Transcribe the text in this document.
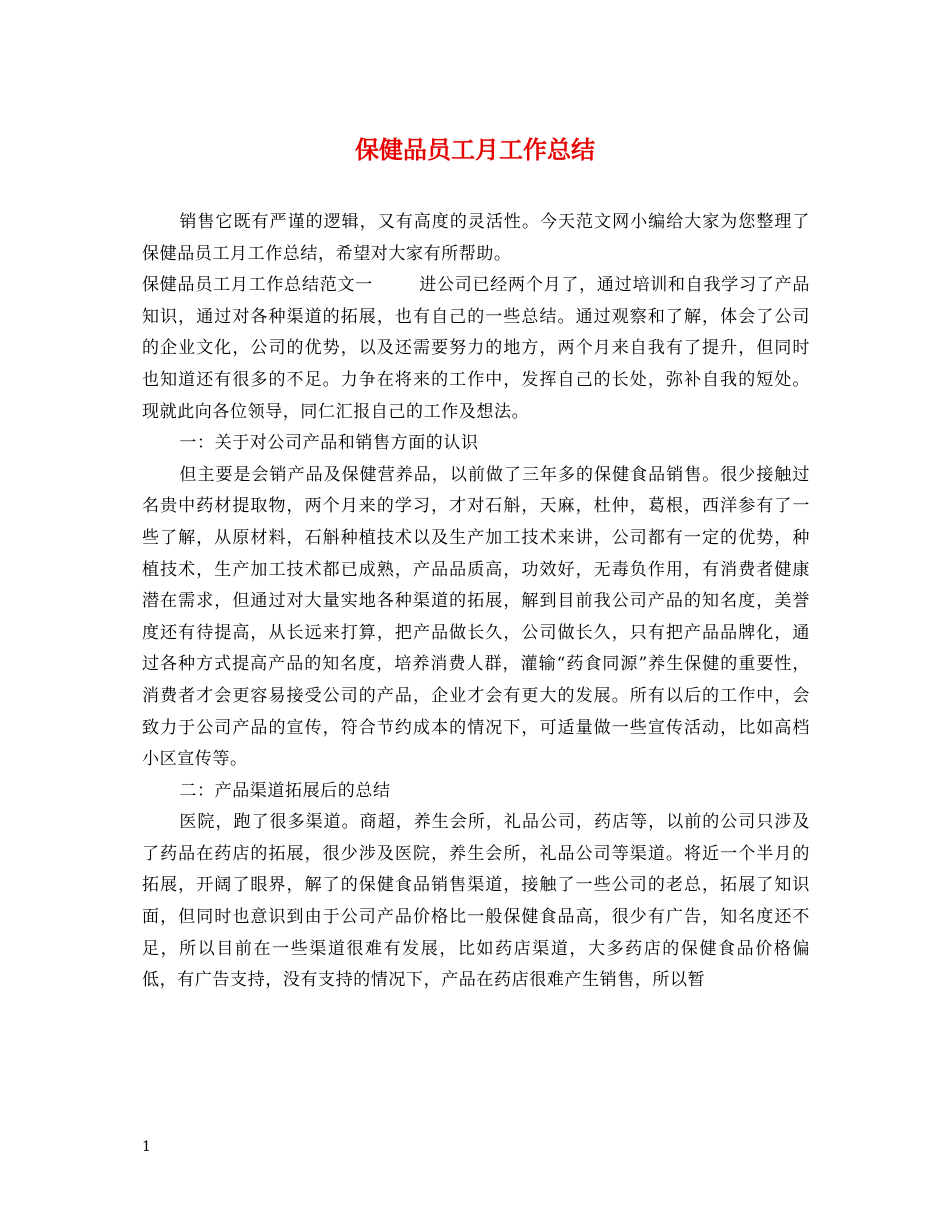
保健品员工月工作总结

销售它既有严谨的逻辑，又有高度的灵活性。今天范文网小编给大家为您整理了保健品员工月工作总结，希望对大家有所帮助。

保健品员工月工作总结范文一	进公司已经两个月了，通过培训和自我学习了产品知识，通过对各种渠道的拓展，也有自己的一些总结。通过观察和了解，体会了公司的企业文化，公司的优势，以及还需要努力的地方，两个月来自我有了提升，但同时也知道还有很多的不足。力争在将来的工作中，发挥自己的长处，弥补自我的短处。现就此向各位领导，同仁汇报自己的工作及想法。

一：关于对公司产品和销售方面的认识

但主要是会销产品及保健营养品，以前做了三年多的保健食品销售。很少接触过名贵中药材提取物，两个月来的学习，才对石斛，天麻，杜仲，葛根，西洋参有了一些了解，从原材料，石斛种植技术以及生产加工技术来讲，公司都有一定的优势，种植技术，生产加工技术都已成熟，产品品质高，功效好，无毒负作用，有消费者健康潜在需求，但通过对大量实地各种渠道的拓展，解到目前我公司产品的知名度，美誉度还有待提高，从长远来打算，把产品做长久，公司做长久，只有把产品品牌化，通过各种方式提高产品的知名度，培养消费人群，灌输“药食同源”养生保健的重要性，消费者才会更容易接受公司的产品，企业才会有更大的发展。所有以后的工作中，会致力于公司产品的宣传，符合节约成本的情况下，可适量做一些宣传活动，比如高档小区宣传等。

二：产品渠道拓展后的总结

医院，跑了很多渠道。商超，养生会所，礼品公司，药店等，以前的公司只涉及了药品在药店的拓展，很少涉及医院，养生会所，礼品公司等渠道。将近一个半月的拓展，开阔了眼界，解了的保健食品销售渠道，接触了一些公司的老总，拓展了知识面，但同时也意识到由于公司产品价格比一般保健食品高，很少有广告，知名度还不足，所以目前在一些渠道很难有发展，比如药店渠道，大多药店的保健食品价格偏低，有广告支持，没有支持的情况下，产品在药店很难产生销售，所以暂

1
